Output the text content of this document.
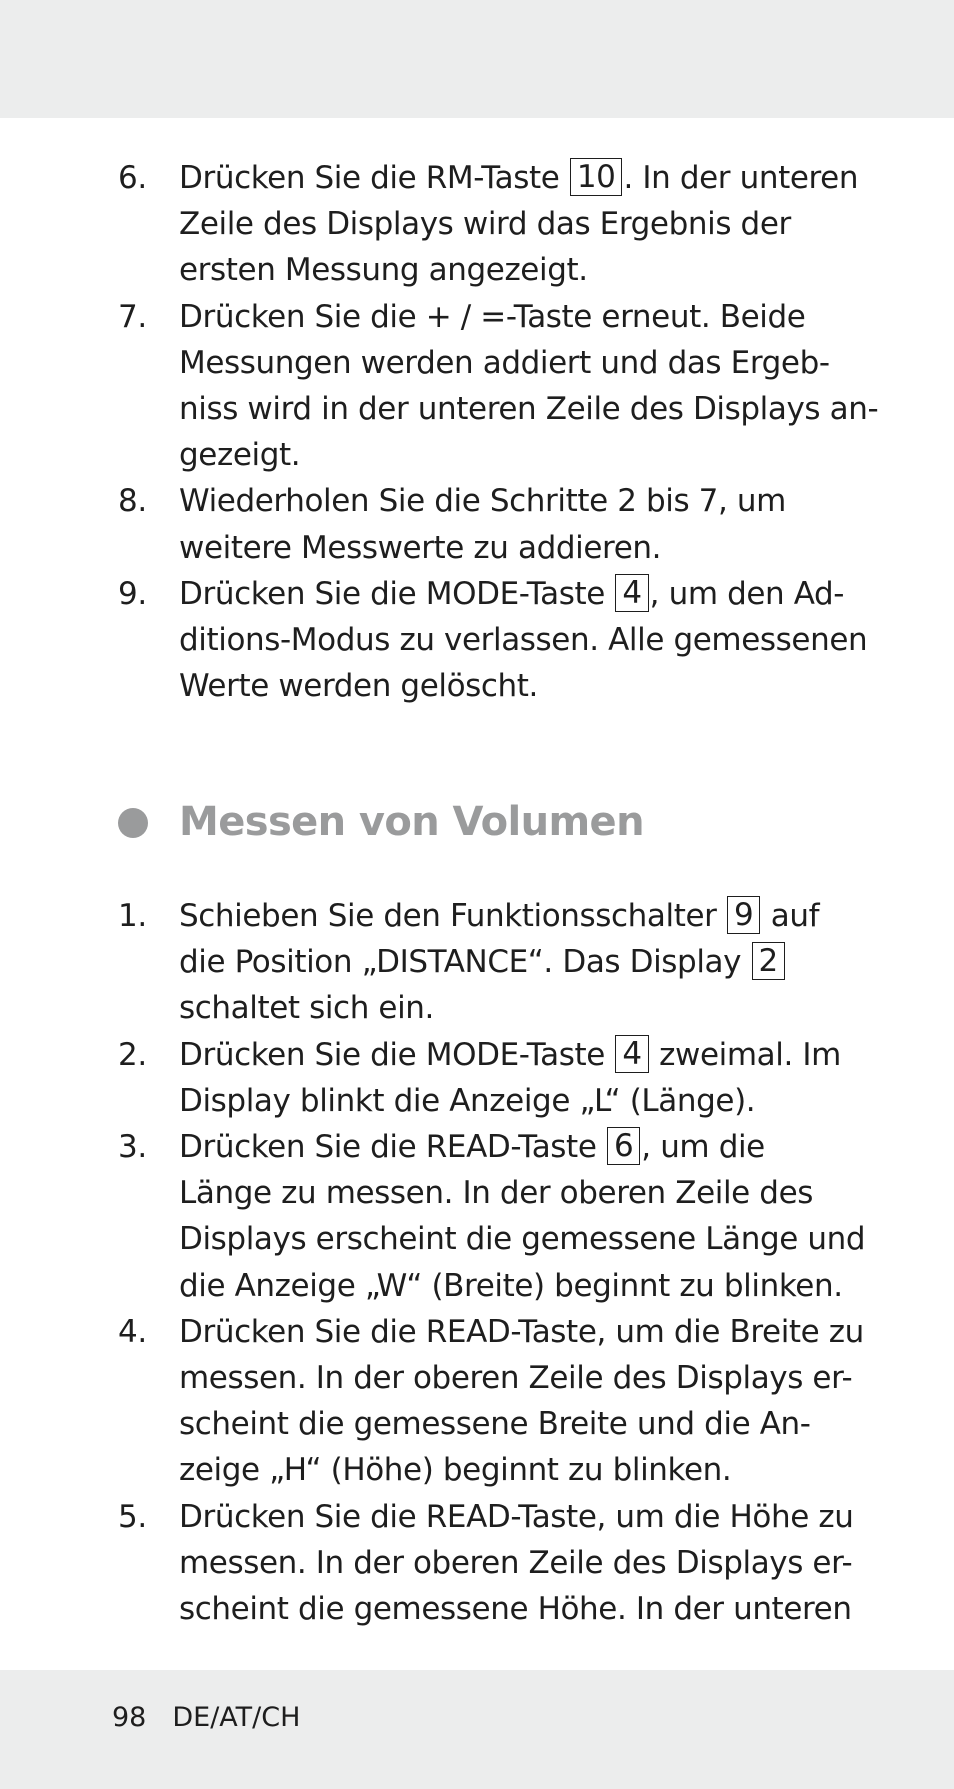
6. Drücken Sie die RM-Taste 10 . In der unteren
Zeile des Displays wird das Ergebnis der
ersten Messung angezeigt.
7. Drücken Sie die + / =-Taste erneut. Beide
Messungen werden addiert und das Ergeb-
niss wird in der unteren Zeile des Displays an-
gezeigt.
8. Wiederholen Sie die Schritte 2 bis 7, um
weitere Messwerte zu addieren.
9. Drücken Sie die MODE-Taste 4 , um den Ad-
ditions-Modus zu verlassen. Alle gemessenen
Werte werden gelöscht.
Messen von Volumen
1. Schieben Sie den Funktionsschalter 9 auf
die Position „DISTANCE“. Das Display 2
schaltet sich ein.
2. Drücken Sie die MODE-Taste 4 zweimal. Im
Display blinkt die Anzeige „L“ (Länge).
3. Drücken Sie die READ-Taste 6 , um die
Länge zu messen. In der oberen Zeile des
Displays erscheint die gemessene Länge und
die Anzeige „W“ (Breite) beginnt zu blinken.
4. Drücken Sie die READ-Taste, um die Breite zu
messen. In der oberen Zeile des Displays er-
scheint die gemessene Breite und die An-
zeige „H“ (Höhe) beginnt zu blinken.
5. Drücken Sie die READ-Taste, um die Höhe zu
messen. In der oberen Zeile des Displays er-
scheint die gemessene Höhe. In der unteren
98 DE/AT/CH
